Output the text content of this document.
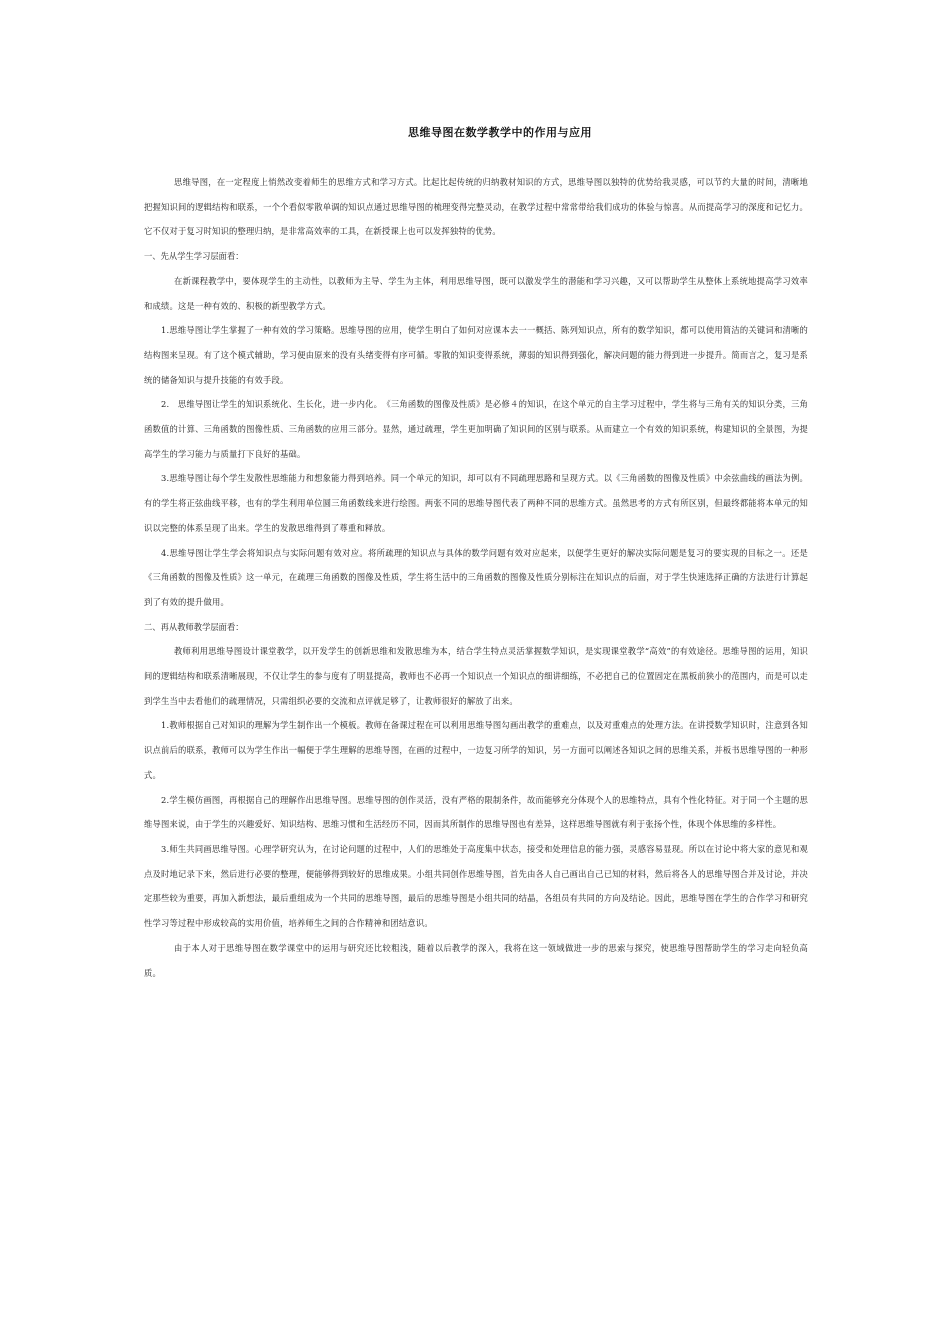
思维导图在数学教学中的作用与应用

思维导图，在一定程度上悄然改变着师生的思维方式和学习方式。比起比起传统的归纳教材知识的方式，思维导图以独特的优势给我灵感，可以节约大量的时间，清晰地把握知识间的逻辑结构和联系，一个个看似零散单调的知识点通过思维导图的梳理变得完整灵动，在教学过程中常常带给我们成功的体验与惊喜。从而提高学习的深度和记忆力。它不仅对于复习时知识的整理归纳，是非常高效率的工具，在新授课上也可以发挥独特的优势。

一、先从学生学习层面看：

在新课程教学中，要体现学生的主动性，以教师为主导、学生为主体，利用思维导图，既可以激发学生的潜能和学习兴趣，又可以帮助学生从整体上系统地提高学习效率和成绩。这是一种有效的、积极的新型教学方式。

1.思维导图让学生掌握了一种有效的学习策略。思维导图的应用，使学生明白了如何对应课本去一一概括、陈列知识点，所有的数学知识，都可以使用简洁的关键词和清晰的结构图来呈现。有了这个模式辅助，学习便由原来的没有头绪变得有序可循。零散的知识变得系统，薄弱的知识得到强化，解决问题的能力得到进一步提升。简而言之，复习是系统的储备知识与提升技能的有效手段。

2.　思维导图让学生的知识系统化、生长化，进一步内化。　《三角函数的图像及性质》是必修４的知识，在这个单元的自主学习过程中，学生将与三角有关的知识分类，三角函数值的计算、三角函数的图像性质、三角函数的应用三部分。显然，通过疏理，学生更加明确了知识间的区别与联系。从而建立一个有效的知识系统，构建知识的全景图，为提高学生的学习能力与质量打下良好的基础。

3.思维导图让每个学生发散性思维能力和想象能力得到培养。同一个单元的知识，却可以有不同疏理思路和呈现方式。以《三角函数的图像及性质》中余弦曲线的画法为例。有的学生将正弦曲线平移，也有的学生利用单位圆三角函数线来进行绘图。两张不同的思维导图代表了两种不同的思维方式。虽然思考的方式有所区别，但最终都能将本单元的知识以完整的体系呈现了出来。学生的发散思维得到了尊重和释放。

4.思维导图让学生学会将知识点与实际问题有效对应。将所疏理的知识点与具体的数学问题有效对应起来，以便学生更好的解决实际问题是复习的要实现的目标之一。还是《三角函数的图像及性质》这一单元，在疏理三角函数的图像及性质，学生将生活中的三角函数的图像及性质分别标注在知识点的后面，对于学生快速选择正确的方法进行计算起到了有效的提升做用。

二、再从教师教学层面看：

教师利用思维导图设计课堂教学，以开发学生的创新思维和发散思维为本，结合学生特点灵活掌握数学知识，是实现课堂教学“高效”的有效途径。思维导图的运用，知识间的逻辑结构和联系清晰展现，不仅让学生的参与度有了明显提高，教师也不必再一个知识点一个知识点的细讲细练，不必把自己的位置固定在黑板前狭小的范围内，而是可以走到学生当中去看他们的疏理情况，只需组织必要的交流和点评就足够了，让教师很好的解放了出来。

1.教师根据自己对知识的理解为学生制作出一个模板。教师在备课过程在可以利用思维导图勾画出教学的重难点，以及对重难点的处理方法。在讲授数学知识时，注意到各知识点前后的联系，教师可以为学生作出一幅便于学生理解的思维导图，在画的过程中，一边复习所学的知识，另一方面可以阐述各知识之间的思维关系，并板书思维导图的一种形式。

2.学生模仿画图，再根据自己的理解作出思维导图。思维导图的创作灵活，没有严格的限制条件，故而能够充分体现个人的思维特点，具有个性化特征。对于同一个主题的思维导图来说，由于学生的兴趣爱好、知识结构、思维习惯和生活经历不同，因而其所制作的思维导图也有差异，这样思维导图就有利于张扬个性，体现个体思维的多样性。

3.师生共同画思维导图。心理学研究认为，在讨论问题的过程中，人们的思维处于高度集中状态，接受和处理信息的能力强，灵感容易显现。所以在讨论中将大家的意见和观点及时地记录下来，然后进行必要的整理，便能够得到较好的思维成果。小组共同创作思维导图，首先由各人自己画出自己已知的材料，然后将各人的思维导图合并及讨论，并决定那些较为重要，再加入新想法，最后重组成为一个共同的思维导图，最后的思维导图是小组共同的结晶，各组员有共同的方向及结论。因此，思维导图在学生的合作学习和研究性学习等过程中形成较高的实用价值，培养师生之间的合作精神和团结意识。

由于本人对于思维导图在数学课堂中的运用与研究还比较粗浅，随着以后教学的深入，我将在这一领域做进一步的思索与探究，使思维导图帮助学生的学习走向轻负高质。
